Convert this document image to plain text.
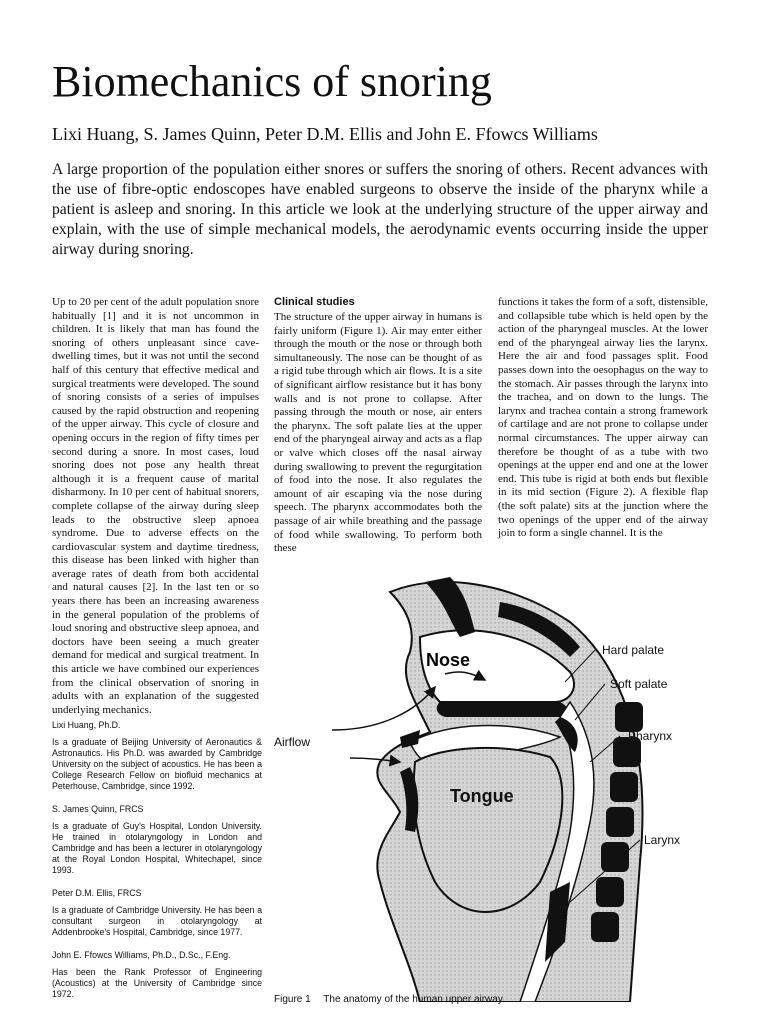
Biomechanics of snoring
Lixi Huang, S. James Quinn, Peter D.M. Ellis and John E. Ffowcs Williams
A large proportion of the population either snores or suffers the snoring of others. Recent advances with the use of fibre-optic endoscopes have enabled surgeons to observe the inside of the pharynx while a patient is asleep and snoring. In this article we look at the underlying structure of the upper airway and explain, with the use of simple mechanical models, the aerodynamic events occurring inside the upper airway during snoring.

Up to 20 per cent of the adult population snore habitually [1] and it is not uncommon in children. It is likely that man has found the snoring of others unpleasant since cave-dwelling times, but it was not until the second half of this century that effective medical and surgical treatments were developed. The sound of snoring consists of a series of impulses caused by the rapid obstruction and reopening of the upper airway. This cycle of closure and opening occurs in the region of fifty times per second during a snore. In most cases, loud snoring does not pose any health threat although it is a frequent cause of marital disharmony. In 10 per cent of habitual snorers, complete collapse of the airway during sleep leads to the obstructive sleep apnoea syndrome. Due to adverse effects on the cardiovascular system and daytime tiredness, this disease has been linked with higher than average rates of death from both accidental and natural causes [2]. In the last ten or so years there has been an increasing awareness in the general population of the problems of loud snoring and obstructive sleep apnoea, and doctors have been seeing a much greater demand for medical and surgical treatment. In this article we have combined our experiences from the clinical observation of snoring in adults with an explanation of the suggested underlying mechanics.

Clinical studies

The structure of the upper airway in humans is fairly uniform (Figure 1). Air may enter either through the mouth or the nose or through both simultaneously. The nose can be thought of as a rigid tube through which air flows. It is a site of significant airflow resistance but it has bony walls and is not prone to collapse. After passing through the mouth or nose, air enters the pharynx. The soft palate lies at the upper end of the pharyngeal airway and acts as a flap or valve which closes off the nasal airway during swallowing to prevent the regurgitation of food into the nose. It also regulates the amount of air escaping via the nose during speech. The pharynx accommodates both the passage of air while breathing and the passage of food while swallowing. To perform both these

functions it takes the form of a soft, distensible, and collapsible tube which is held open by the action of the pharyngeal muscles. At the lower end of the pharyngeal airway lies the larynx. Here the air and food passages split. Food passes down into the oesophagus on the way to the stomach. Air passes through the larynx into the trachea, and on down to the lungs. The larynx and trachea contain a strong framework of cartilage and are not prone to collapse under normal circumstances. The upper airway can therefore be thought of as a tube with two openings at the upper end and one at the lower end. This tube is rigid at both ends but flexible in its mid section (Figure 2). A flexible flap (the soft palate) sits at the junction where the two openings of the upper end of the airway join to form a single channel. It is the

Lixi Huang, Ph.D.

Is a graduate of Beijing University of Aeronautics & Astronautics. His Ph.D. was awarded by Cambridge University on the subject of acoustics. He has been a College Research Fellow on biofluid mechanics at Peterhouse, Cambridge, since 1992.

S. James Quinn, FRCS

Is a graduate of Guy's Hospital, London University. He trained in otolaryngology in London and Cambridge and has been a lecturer in otolaryngology at the Royal London Hospital, Whitechapel, since 1993.

Peter D.M. Ellis, FRCS

Is a graduate of Cambridge University. He has been a consultant surgeon in otolaryngology at Addenbrooke's Hospital, Cambridge, since 1977.

John E. Ffowcs Williams, Ph.D., D.Sc., F.Eng.

Has been the Rank Professor of Engineering (Acoustics) at the University of Cambridge since 1972.

Nose
Tongue
Airflow
Hard palate
Soft palate
Pharynx
Larynx
Figure 1 The anatomy of the human upper airway.
